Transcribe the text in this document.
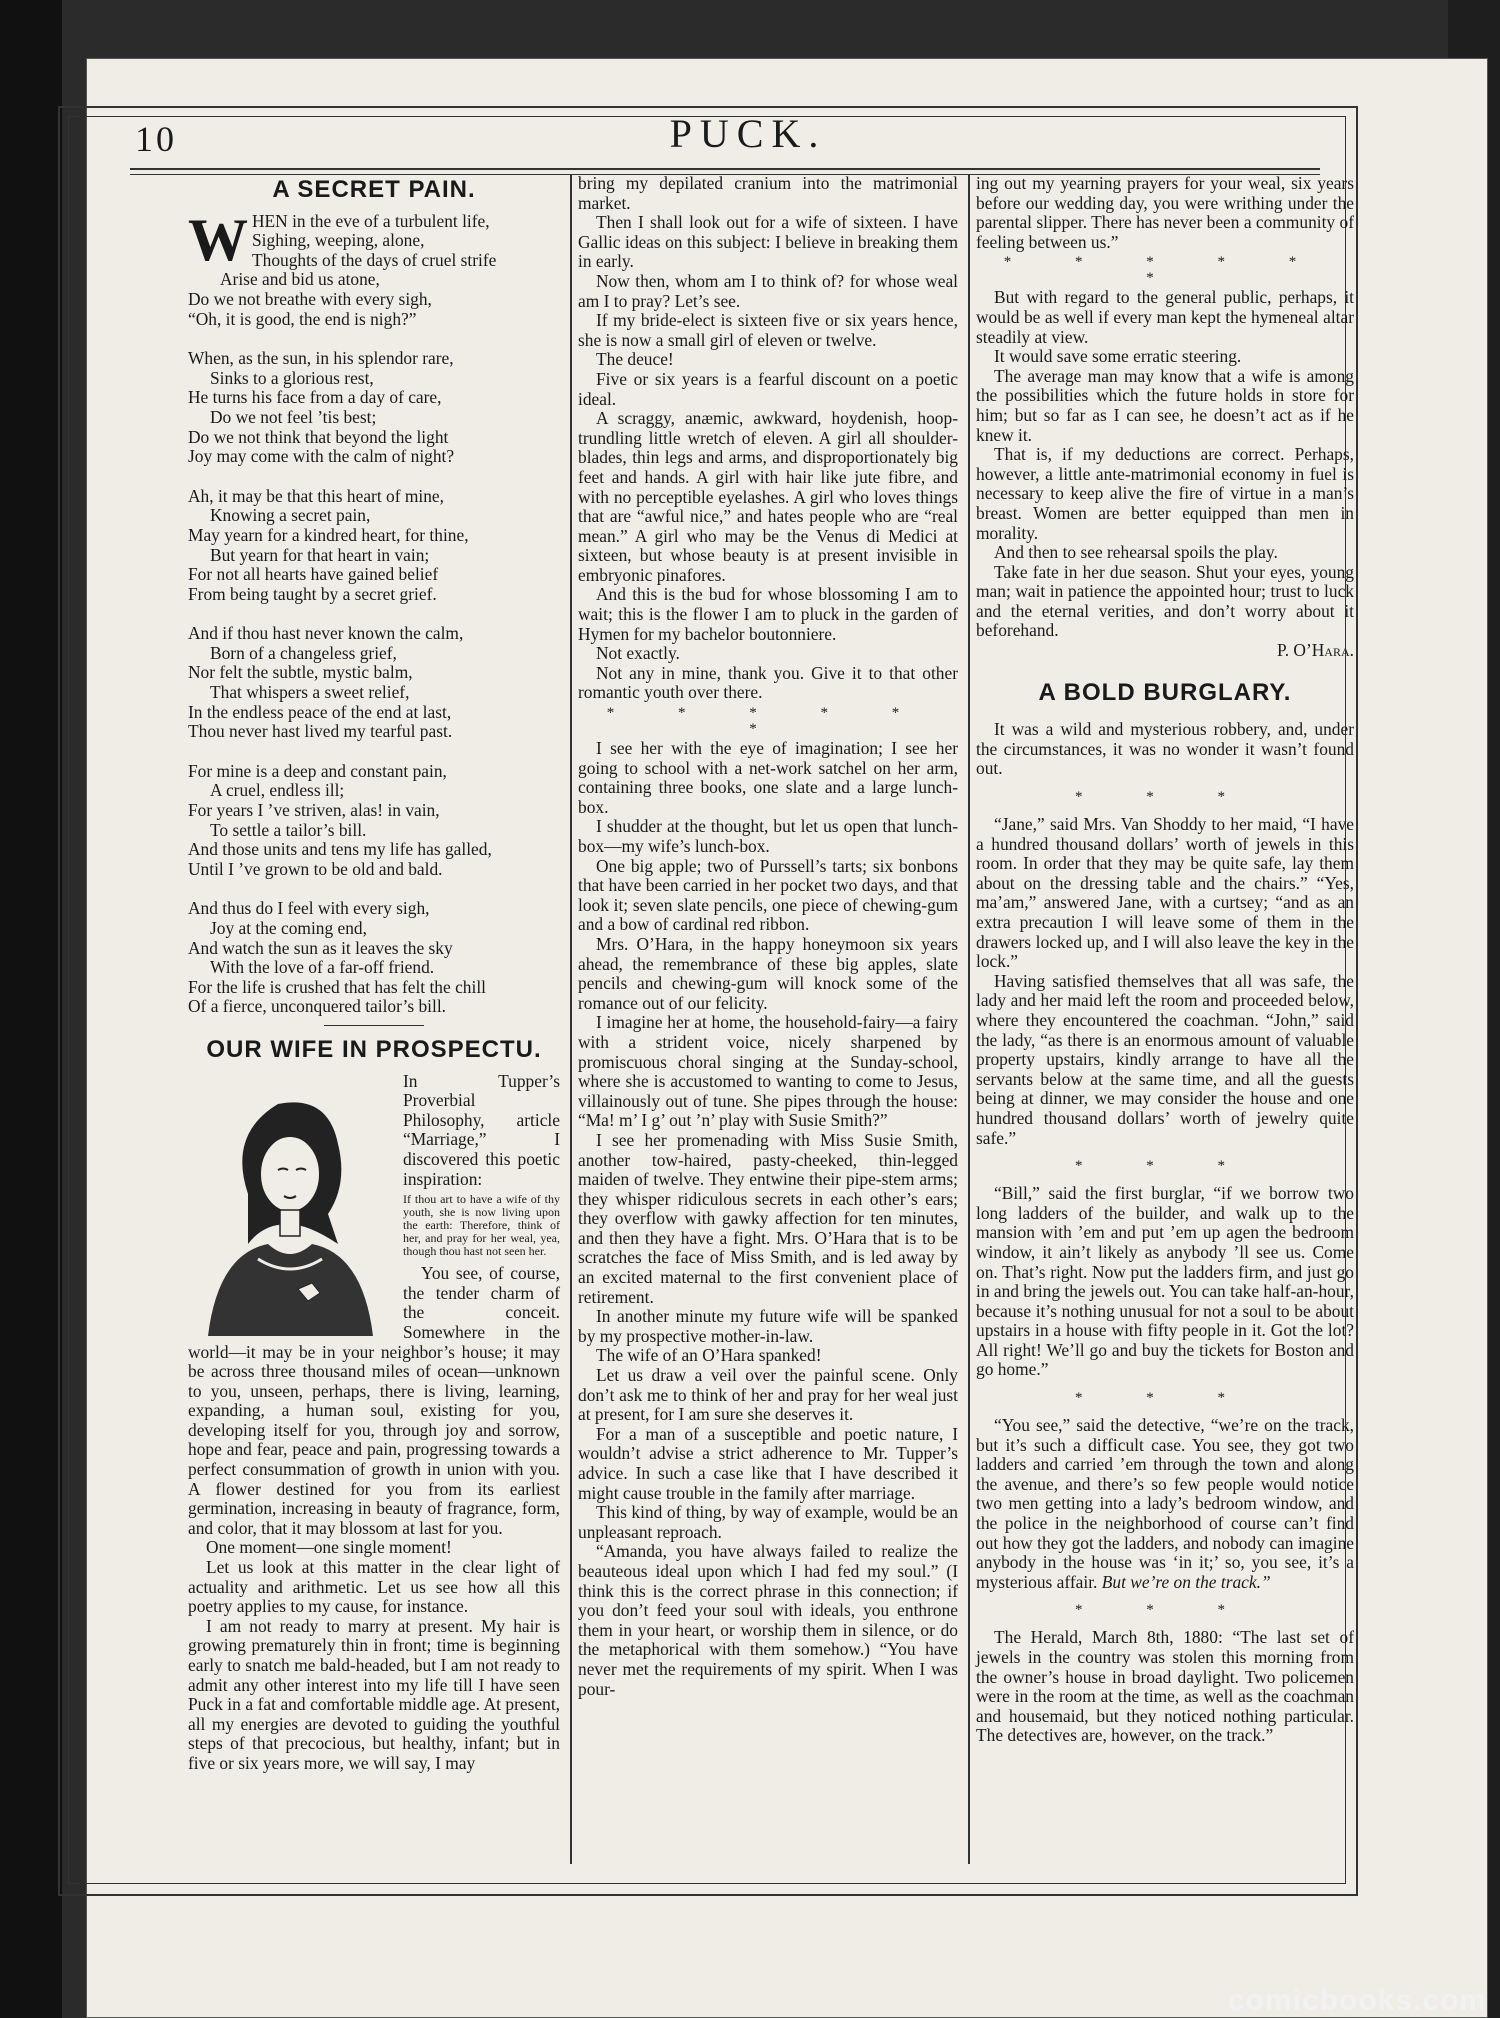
10	PUCK.
A SECRET PAIN.
W HEN in the eve of a turbulent life,
Sighing, weeping, alone,
Thoughts of the days of cruel strife
Arise and bid us atone,
Do we not breathe with every sigh,
“Oh, it is good, the end is nigh?”
When, as the sun, in his splendor rare,
Sinks to a glorious rest,
He turns his face from a day of care,
Do we not feel ’tis best;
Do we not think that beyond the light
Joy may come with the calm of night?
Ah, it may be that this heart of mine,
Knowing a secret pain,
May yearn for a kindred heart, for thine,
But yearn for that heart in vain;
For not all hearts have gained belief
From being taught by a secret grief.
And if thou hast never known the calm,
Born of a changeless grief,
Nor felt the subtle, mystic balm,
That whispers a sweet relief,
In the endless peace of the end at last,
Thou never hast lived my tearful past.
For mine is a deep and constant pain,
A cruel, endless ill;
For years I ’ve striven, alas! in vain,
To settle a tailor’s bill.
And those units and tens my life has galled,
Until I ’ve grown to be old and bald.
And thus do I feel with every sigh,
Joy at the coming end,
And watch the sun as it leaves the sky
With the love of a far-off friend.
For the life is crushed that has felt the chill
Of a fierce, unconquered tailor’s bill.
OUR WIFE IN PROSPECTU.

In Tupper’s Proverbial Philosophy, article “Marriage,” I discovered this poetic inspiration:

If thou art to have a wife of thy youth, she is now living upon the earth: Therefore, think of her, and pray for her weal, yea, though thou hast not seen her.

You see, of course, the tender charm of the conceit. Somewhere in the world—it may be in your neighbor’s house; it may be across three thousand miles of ocean—unknown to you, unseen, perhaps, there is living, learning, expanding, a human soul, existing for you, developing itself for you, through joy and sorrow, hope and fear, peace and pain, progressing towards a perfect consummation of growth in union with you. A flower destined for you from its earliest germination, increasing in beauty of fragrance, form, and color, that it may blossom at last for you.

One moment—one single moment!

Let us look at this matter in the clear light of actuality and arithmetic. Let us see how all this poetry applies to my cause, for instance.

I am not ready to marry at present. My hair is growing prematurely thin in front; time is beginning early to snatch me bald-headed, but I am not ready to admit any other interest into my life till I have seen Puck in a fat and comfortable middle age. At present, all my energies are devoted to guiding the youthful steps of that precocious, but healthy, infant; but in five or six years more, we will say, I may

bring my depilated cranium into the matrimonial market.

Then I shall look out for a wife of sixteen. I have Gallic ideas on this subject: I believe in breaking them in early.

Now then, whom am I to think of? for whose weal am I to pray? Let’s see.

If my bride-elect is sixteen five or six years hence, she is now a small girl of eleven or twelve.

The deuce!

Five or six years is a fearful discount on a poetic ideal.

A scraggy, anæmic, awkward, hoydenish, hoop-trundling little wretch of eleven. A girl all shoulder-blades, thin legs and arms, and disproportionately big feet and hands. A girl with hair like jute fibre, and with no perceptible eyelashes. A girl who loves things that are “awful nice,” and hates people who are “real mean.” A girl who may be the Venus di Medici at sixteen, but whose beauty is at present invisible in embryonic pinafores.

And this is the bud for whose blossoming I am to wait; this is the flower I am to pluck in the garden of Hymen for my bachelor boutonniere.

Not exactly.

Not any in mine, thank you. Give it to that other romantic youth over there.

* * * * * *

I see her with the eye of imagination; I see her going to school with a net-work satchel on her arm, containing three books, one slate and a large lunch-box.

I shudder at the thought, but let us open that lunch-box—my wife’s lunch-box.

One big apple; two of Purssell’s tarts; six bonbons that have been carried in her pocket two days, and that look it; seven slate pencils, one piece of chewing-gum and a bow of cardinal red ribbon.

Mrs. O’Hara, in the happy honeymoon six years ahead, the remembrance of these big apples, slate pencils and chewing-gum will knock some of the romance out of our felicity.

I imagine her at home, the household-fairy—a fairy with a strident voice, nicely sharpened by promiscuous choral singing at the Sunday-school, where she is accustomed to wanting to come to Jesus, villainously out of tune. She pipes through the house: “Ma! m’ I g’ out ’n’ play with Susie Smith?”

I see her promenading with Miss Susie Smith, another tow-haired, pasty-cheeked, thin-legged maiden of twelve. They entwine their pipe-stem arms; they whisper ridiculous secrets in each other’s ears; they overflow with gawky affection for ten minutes, and then they have a fight. Mrs. O’Hara that is to be scratches the face of Miss Smith, and is led away by an excited maternal to the first convenient place of retirement.

In another minute my future wife will be spanked by my prospective mother-in-law.

The wife of an O’Hara spanked!

Let us draw a veil over the painful scene. Only don’t ask me to think of her and pray for her weal just at present, for I am sure she deserves it.

For a man of a susceptible and poetic nature, I wouldn’t advise a strict adherence to Mr. Tupper’s advice. In such a case like that I have described it might cause trouble in the family after marriage.

This kind of thing, by way of example, would be an unpleasant reproach.

“Amanda, you have always failed to realize the beauteous ideal upon which I had fed my soul.” (I think this is the correct phrase in this connection; if you don’t feed your soul with ideals, you enthrone them in your heart, or worship them in silence, or do the metaphorical with them somehow.) “You have never met the requirements of my spirit. When I was pour-

ing out my yearning prayers for your weal, six years before our wedding day, you were writhing under the parental slipper. There has never been a community of feeling between us.”

* * * * * *

But with regard to the general public, perhaps, it would be as well if every man kept the hymeneal altar steadily at view.

It would save some erratic steering.

The average man may know that a wife is among the possibilities which the future holds in store for him; but so far as I can see, he doesn’t act as if he knew it.

That is, if my deductions are correct. Perhaps, however, a little ante-matrimonial economy in fuel is necessary to keep alive the fire of virtue in a man’s breast. Women are better equipped than men in morality.

And then to see rehearsal spoils the play.

Take fate in her due season. Shut your eyes, young man; wait in patience the appointed hour; trust to luck and the eternal verities, and don’t worry about it beforehand.

P. O’Hara.

A BOLD BURGLARY.

It was a wild and mysterious robbery, and, under the circumstances, it was no wonder it wasn’t found out.

* * *

“Jane,” said Mrs. Van Shoddy to her maid, “I have a hundred thousand dollars’ worth of jewels in this room. In order that they may be quite safe, lay them about on the dressing table and the chairs.” “Yes, ma’am,” answered Jane, with a curtsey; “and as an extra precaution I will leave some of them in the drawers locked up, and I will also leave the key in the lock.”

Having satisfied themselves that all was safe, the lady and her maid left the room and proceeded below, where they encountered the coachman. “John,” said the lady, “as there is an enormous amount of valuable property upstairs, kindly arrange to have all the servants below at the same time, and all the guests being at dinner, we may consider the house and one hundred thousand dollars’ worth of jewelry quite safe.”

* * *

“Bill,” said the first burglar, “if we borrow two long ladders of the builder, and walk up to the mansion with ’em and put ’em up agen the bedroom window, it ain’t likely as anybody ’ll see us. Come on. That’s right. Now put the ladders firm, and just go in and bring the jewels out. You can take half-an-hour, because it’s nothing unusual for not a soul to be about upstairs in a house with fifty people in it. Got the lot? All right! We’ll go and buy the tickets for Boston and go home.”

* * *

“You see,” said the detective, “we’re on the track, but it’s such a difficult case. You see, they got two ladders and carried ’em through the town and along the avenue, and there’s so few people would notice two men getting into a lady’s bedroom window, and the police in the neighborhood of course can’t find out how they got the ladders, and nobody can imagine anybody in the house was ‘in it;’ so, you see, it’s a mysterious affair. But we’re on the track.”

* * *

The Herald, March 8th, 1880: “The last set of jewels in the country was stolen this morning from the owner’s house in broad daylight. Two policemen were in the room at the time, as well as the coachman and housemaid, but they noticed nothing particular. The detectives are, however, on the track.”

comicbooks.com
